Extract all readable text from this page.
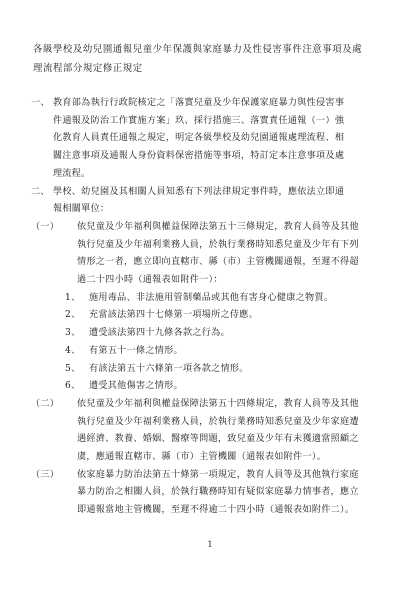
各級學校及幼兒園通報兒童少年保護與家庭暴力及性侵害事件注意事項及處
理流程部分規定修正規定
一、 教育部為執行行政院核定之「落實兒童及少年保護家庭暴力與性侵害事
件通報及防治工作實施方案」玖、採行措施三、落實責任通報（一）強
化教育人員責任通報之規定，明定各級學校及幼兒園通報處理流程、相
關注意事項及通報人身份資料保密措施等事項，特訂定本注意事項及處
理流程。
二、 學校、幼兒園及其相關人員知悉有下列法律規定事件時，應依法立即通
報相關單位：
（一） 依兒童及少年福利與權益保障法第五十三條規定，教育人員等及其他
執行兒童及少年福利業務人員，於執行業務時知悉兒童及少年有下列
情形之一者，應立即向直轄市、縣（市）主管機關通報，至遲不得超
過二十四小時（通報表如附件一）：
1、 施用毒品、非法施用管制藥品或其他有害身心健康之物質。
2、 充當該法第四十七條第一項場所之侍應。
3、 遭受該法第四十九條各款之行為。
4、 有第五十一條之情形。
5、 有該法第五十六條第一項各款之情形。
6、 遭受其他傷害之情形。
（二） 依兒童及少年福利與權益保障法第五十四條規定，教育人員等及其他
執行兒童及少年福利業務人員，於執行業務時知悉兒童及少年家庭遭
遇經濟、教養、婚姻、醫療等問題，致兒童及少年有未獲適當照顧之
虞，應通報直轄市、縣（市）主管機關（通報表如附件一）。
（三） 依家庭暴力防治法第五十條第一項規定，教育人員等及其他執行家庭
暴力防治之相關人員，於執行職務時知有疑似家庭暴力情事者，應立
即通報當地主管機關，至遲不得逾二十四小時（通報表如附件二）。
1
